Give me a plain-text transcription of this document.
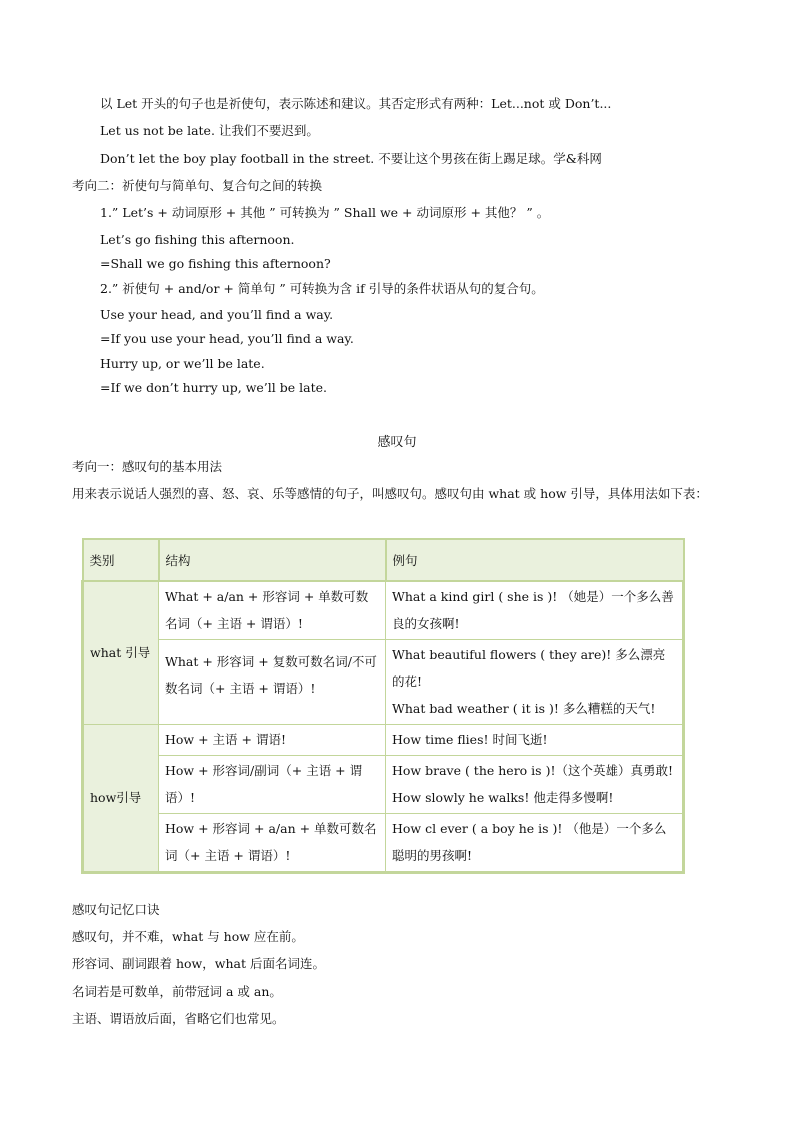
以 Let 开头的句子也是祈使句，表示陈述和建议。其否定形式有两种：Let...not 或 Don’t...
Let us not be late. 让我们不要迟到。
Don’t let the boy play football in the street. 不要让这个男孩在街上踢足球。学&科网
考向二：祈使句与简单句、复合句之间的转换
1.” Let’s + 动词原形 + 其他 ” 可转换为 ” Shall we + 动词原形 + 其他？ ” 。
Let’s go fishing this afternoon.
=Shall we go fishing this afternoon?
2.” 祈使句 + and/or + 简单句 ” 可转换为含 if 引导的条件状语从句的复合句。
Use your head, and you’ll find a way.
=If you use your head, you’ll find a way.
Hurry up, or we’ll be late.
=If we don’t hurry up, we’ll be late.
感叹句
考向一：感叹句的基本用法
用来表示说话人强烈的喜、怒、哀、乐等感情的句子，叫感叹句。感叹句由 what 或 how 引导，具体用法如下表：
类别	结构	例句
what 引导	What + a/an + 形容词 + 单数可数名词（+ 主语 + 谓语）!	What a kind girl ( she is )! （她是）一个多么善良的女孩啊!
	What + 形容词 + 复数可数名词/不可数名词（+ 主语 + 谓语）!	What beautiful flowers ( they are)! 多么漂亮的花!
What bad weather ( it is )! 多么糟糕的天气!

how引导	How + 主语 + 谓语!	How time flies! 时间飞逝!
	How + 形容词/副词（+ 主语 + 谓语）!	How brave ( the hero is )!（这个英雄）真勇敢!
How slowly he walks! 他走得多慢啊!

	How + 形容词 + a/an + 单数可数名词（+ 主语 + 谓语）!	How cl ever ( a boy he is )! （他是）一个多么聪明的男孩啊!
感叹句记忆口诀
感叹句，并不难，what 与 how 应在前。
形容词、副词跟着 how，what 后面名词连。
名词若是可数单，前带冠词 a 或 an。
主语、谓语放后面，省略它们也常见。
